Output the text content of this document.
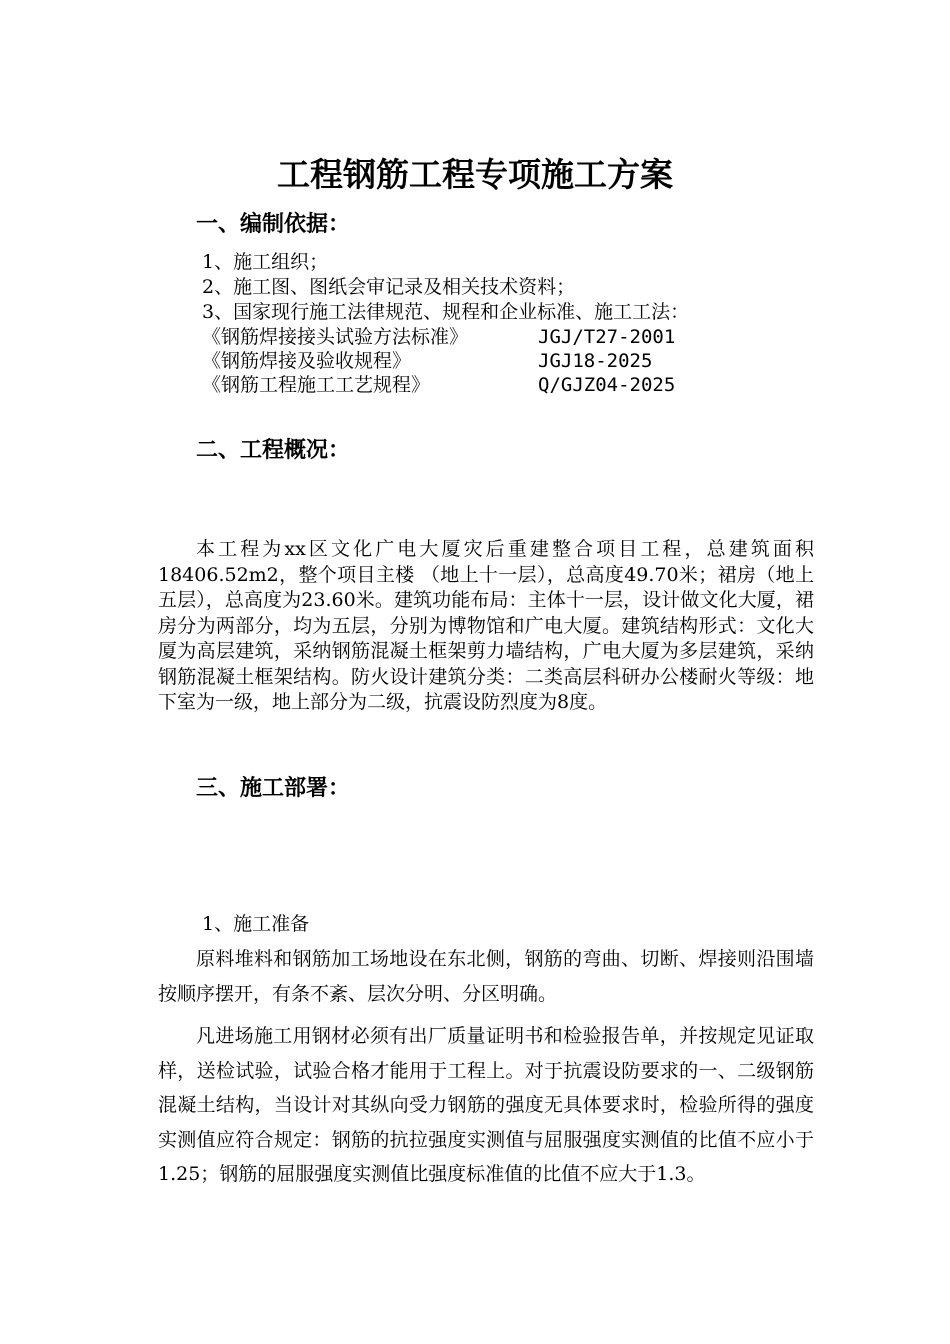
工程钢筋工程专项施工方案
一、编制依据：
1、施工组织；
2、施工图、图纸会审记录及相关技术资料；
3、国家现行施工法律规范、规程和企业标准、施工工法：
《钢筋焊接接头试验方法标准》	JGJ/T27-2001
《钢筋焊接及验收规程》	JGJ18-2025
《钢筋工程施工工艺规程》	Q/GJZ04-2025
二、工程概况：

本工程为xx区文化广电大厦灾后重建整合项目工程，总建筑面积18406.52m2，整个项目主楼 （地上十一层），总高度49.70米；裙房（地上五层），总高度为23.60米。建筑功能布局：主体十一层，设计做文化大厦，裙房分为两部分，均为五层，分别为博物馆和广电大厦。建筑结构形式：文化大厦为高层建筑，采纳钢筋混凝土框架剪力墙结构，广电大厦为多层建筑，采纳钢筋混凝土框架结构。防火设计建筑分类：二类高层科研办公楼耐火等级：地下室为一级，地上部分为二级，抗震设防烈度为8度。

三、施工部署：
1、施工准备

原料堆料和钢筋加工场地设在东北侧，钢筋的弯曲、切断、焊接则沿围墙按顺序摆开，有条不紊、层次分明、分区明确。

凡进场施工用钢材必须有出厂质量证明书和检验报告单，并按规定见证取样，送检试验，试验合格才能用于工程上。对于抗震设防要求的一、二级钢筋混凝土结构，当设计对其纵向受力钢筋的强度无具体要求时，检验所得的强度实测值应符合规定：钢筋的抗拉强度实测值与屈服强度实测值的比值不应小于1.25；钢筋的屈服强度实测值比强度标准值的比值不应大于1.3。
